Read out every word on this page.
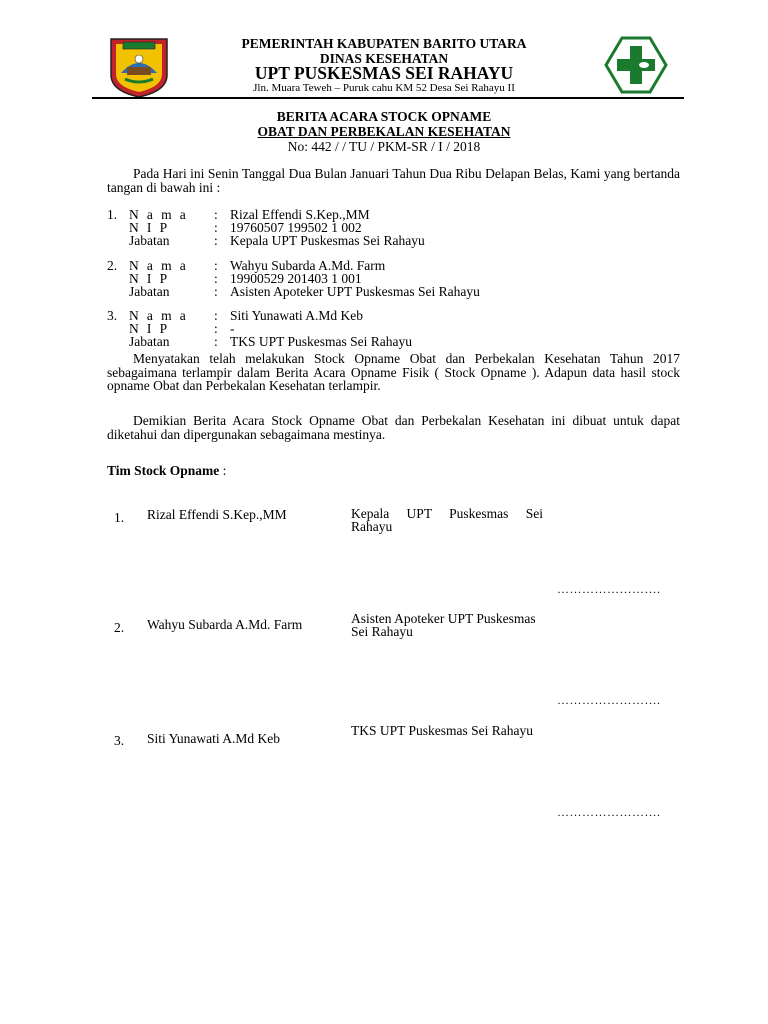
PEMERINTAH KABUPATEN BARITO UTARA
DINAS KESEHATAN
UPT PUSKESMAS SEI RAHAYU
Jln. Muara Teweh – Puruk cahu KM 52 Desa Sei Rahayu II
BERITA ACARA STOCK OPNAME
OBAT DAN PERBEKALAN KESEHATAN
No: 442 / / TU / PKM-SR / I / 2018
Pada Hari ini Senin Tanggal Dua Bulan Januari Tahun Dua Ribu Delapan Belas, Kami yang bertanda tangan di bawah ini :
1. N a m a : Rizal Effendi S.Kep.,MM
N I P	: 19760507 199502 1 002
Jabatan	: Kepala UPT Puskesmas Sei Rahayu
2. N a m a : Wahyu Subarda A.Md. Farm
N I P	: 19900529 201403 1 001
Jabatan	: Asisten Apoteker UPT Puskesmas Sei Rahayu
3. N a m a : Siti Yunawati A.Md Keb
N I P	: -
Jabatan	: TKS UPT Puskesmas Sei Rahayu
Menyatakan telah melakukan Stock Opname Obat dan Perbekalan Kesehatan Tahun 2017 sebagaimana terlampir dalam Berita Acara Opname Fisik ( Stock Opname ). Adapun data hasil stock opname Obat dan Perbekalan Kesehatan terlampir.
Demikian Berita Acara Stock Opname Obat dan Perbekalan Kesehatan ini dibuat untuk dapat diketahui dan dipergunakan sebagaimana mestinya.
Tim Stock Opname :
1. Rizal Effendi S.Kep.,MM	Kepala UPT Puskesmas Sei
Rahayu
…………………….
2. Wahyu Subarda A.Md. Farm	Asisten Apoteker UPT Puskesmas
Sei Rahayu
…………………….
3. Siti Yunawati A.Md Keb
TKS UPT Puskesmas Sei Rahayu
…………………….
